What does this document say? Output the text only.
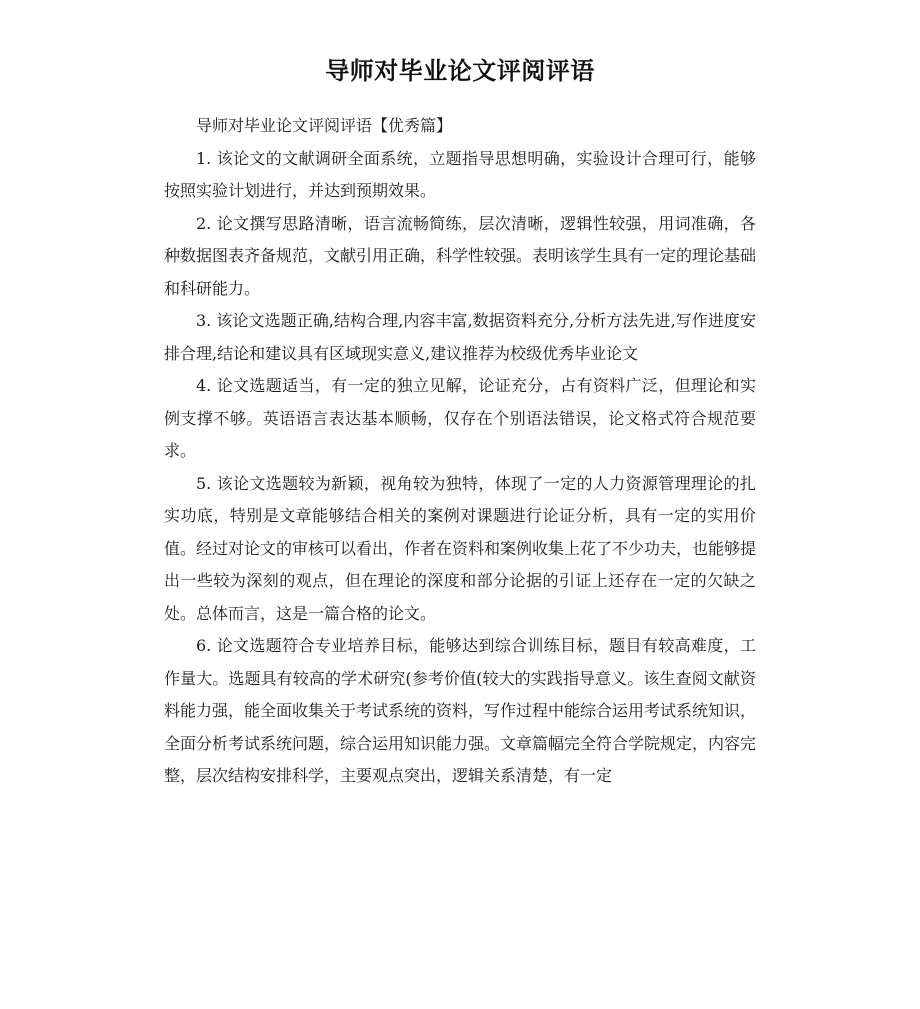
导师对毕业论文评阅评语

导师对毕业论文评阅评语【优秀篇】

1. 该论文的文献调研全面系统，立题指导思想明确，实验设计合理可行，能够按照实验计划进行，并达到预期效果。

2. 论文撰写思路清晰，语言流畅简练，层次清晰，逻辑性较强，用词准确，各种数据图表齐备规范，文献引用正确，科学性较强。表明该学生具有一定的理论基础和科研能力。

3. 该论文选题正确,结构合理,内容丰富,数据资料充分,分析方法先进,写作进度安排合理,结论和建议具有区域现实意义,建议推荐为校级优秀毕业论文

4. 论文选题适当，有一定的独立见解，论证充分，占有资料广泛，但理论和实例支撑不够。英语语言表达基本顺畅，仅存在个别语法错误，论文格式符合规范要求。

5. 该论文选题较为新颖，视角较为独特，体现了一定的人力资源管理理论的扎实功底，特别是文章能够结合相关的案例对课题进行论证分析，具有一定的实用价值。经过对论文的审核可以看出，作者在资料和案例收集上花了不少功夫，也能够提出一些较为深刻的观点，但在理论的深度和部分论据的引证上还存在一定的欠缺之处。总体而言，这是一篇合格的论文。

6. 论文选题符合专业培养目标，能够达到综合训练目标，题目有较高难度，工作量大。选题具有较高的学术研究(参考价值(较大的实践指导意义。该生查阅文献资料能力强，能全面收集关于考试系统的资料，写作过程中能综合运用考试系统知识，全面分析考试系统问题，综合运用知识能力强。文章篇幅完全符合学院规定，内容完整，层次结构安排科学，主要观点突出，逻辑关系清楚，有一定
